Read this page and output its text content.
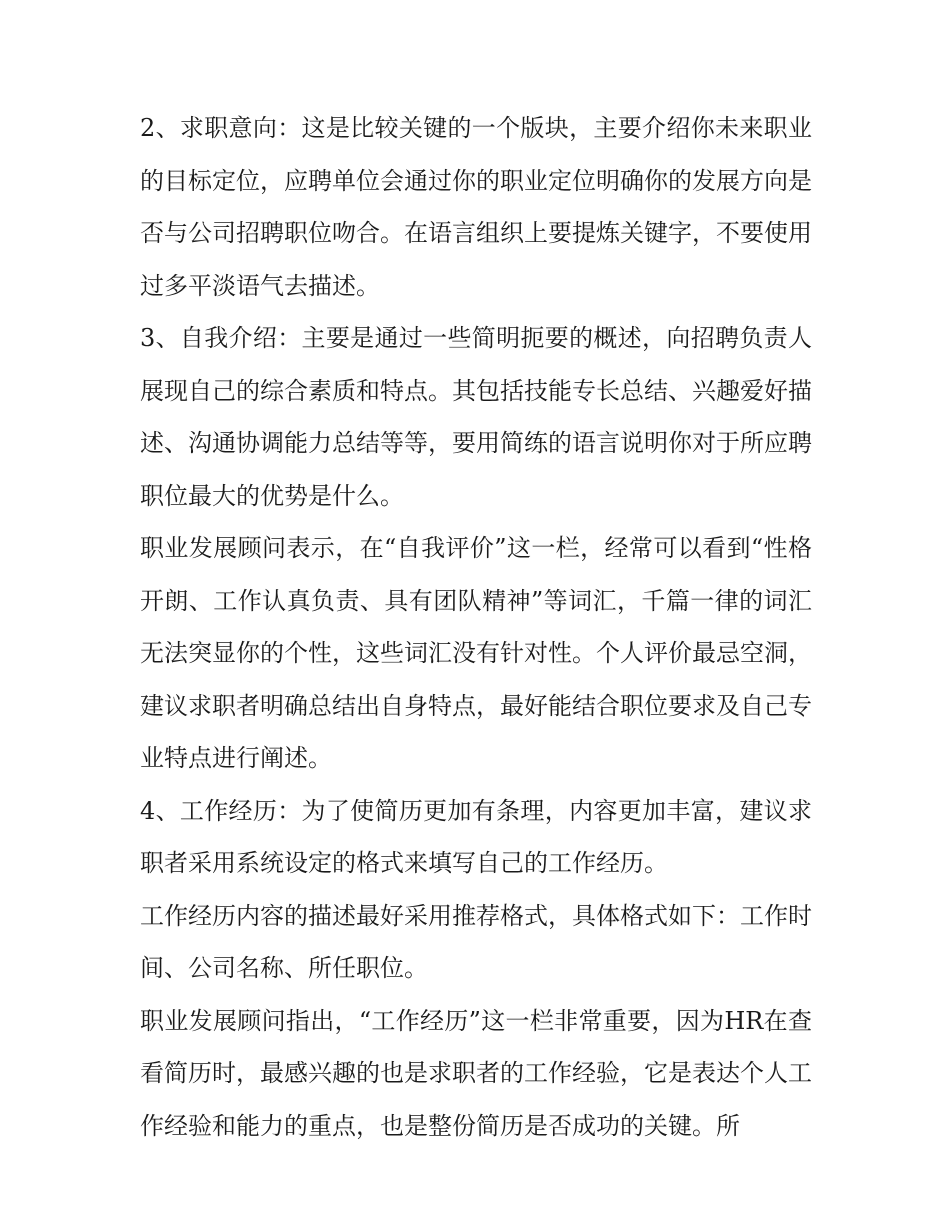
2、求职意向：这是比较关键的一个版块，主要介绍你未来职业的目标定位，应聘单位会通过你的职业定位明确你的发展方向是否与公司招聘职位吻合。在语言组织上要提炼关键字，不要使用过多平淡语气去描述。

3、自我介绍：主要是通过一些简明扼要的概述，向招聘负责人展现自己的综合素质和特点。其包括技能专长总结、兴趣爱好描述、沟通协调能力总结等等，要用简练的语言说明你对于所应聘职位最大的优势是什么。

职业发展顾问表示，在“自我评价”这一栏，经常可以看到“性格开朗、工作认真负责、具有团队精神”等词汇，千篇一律的词汇无法突显你的个性，这些词汇没有针对性。个人评价最忌空洞，建议求职者明确总结出自身特点，最好能结合职位要求及自己专业特点进行阐述。

4、工作经历：为了使简历更加有条理，内容更加丰富，建议求职者采用系统设定的格式来填写自己的工作经历。

工作经历内容的描述最好采用推荐格式，具体格式如下：工作时间、公司名称、所任职位。

职业发展顾问指出，“工作经历”这一栏非常重要，因为HR在查看简历时，最感兴趣的也是求职者的工作经验，它是表达个人工作经验和能力的重点，也是整份简历是否成功的关键。所
